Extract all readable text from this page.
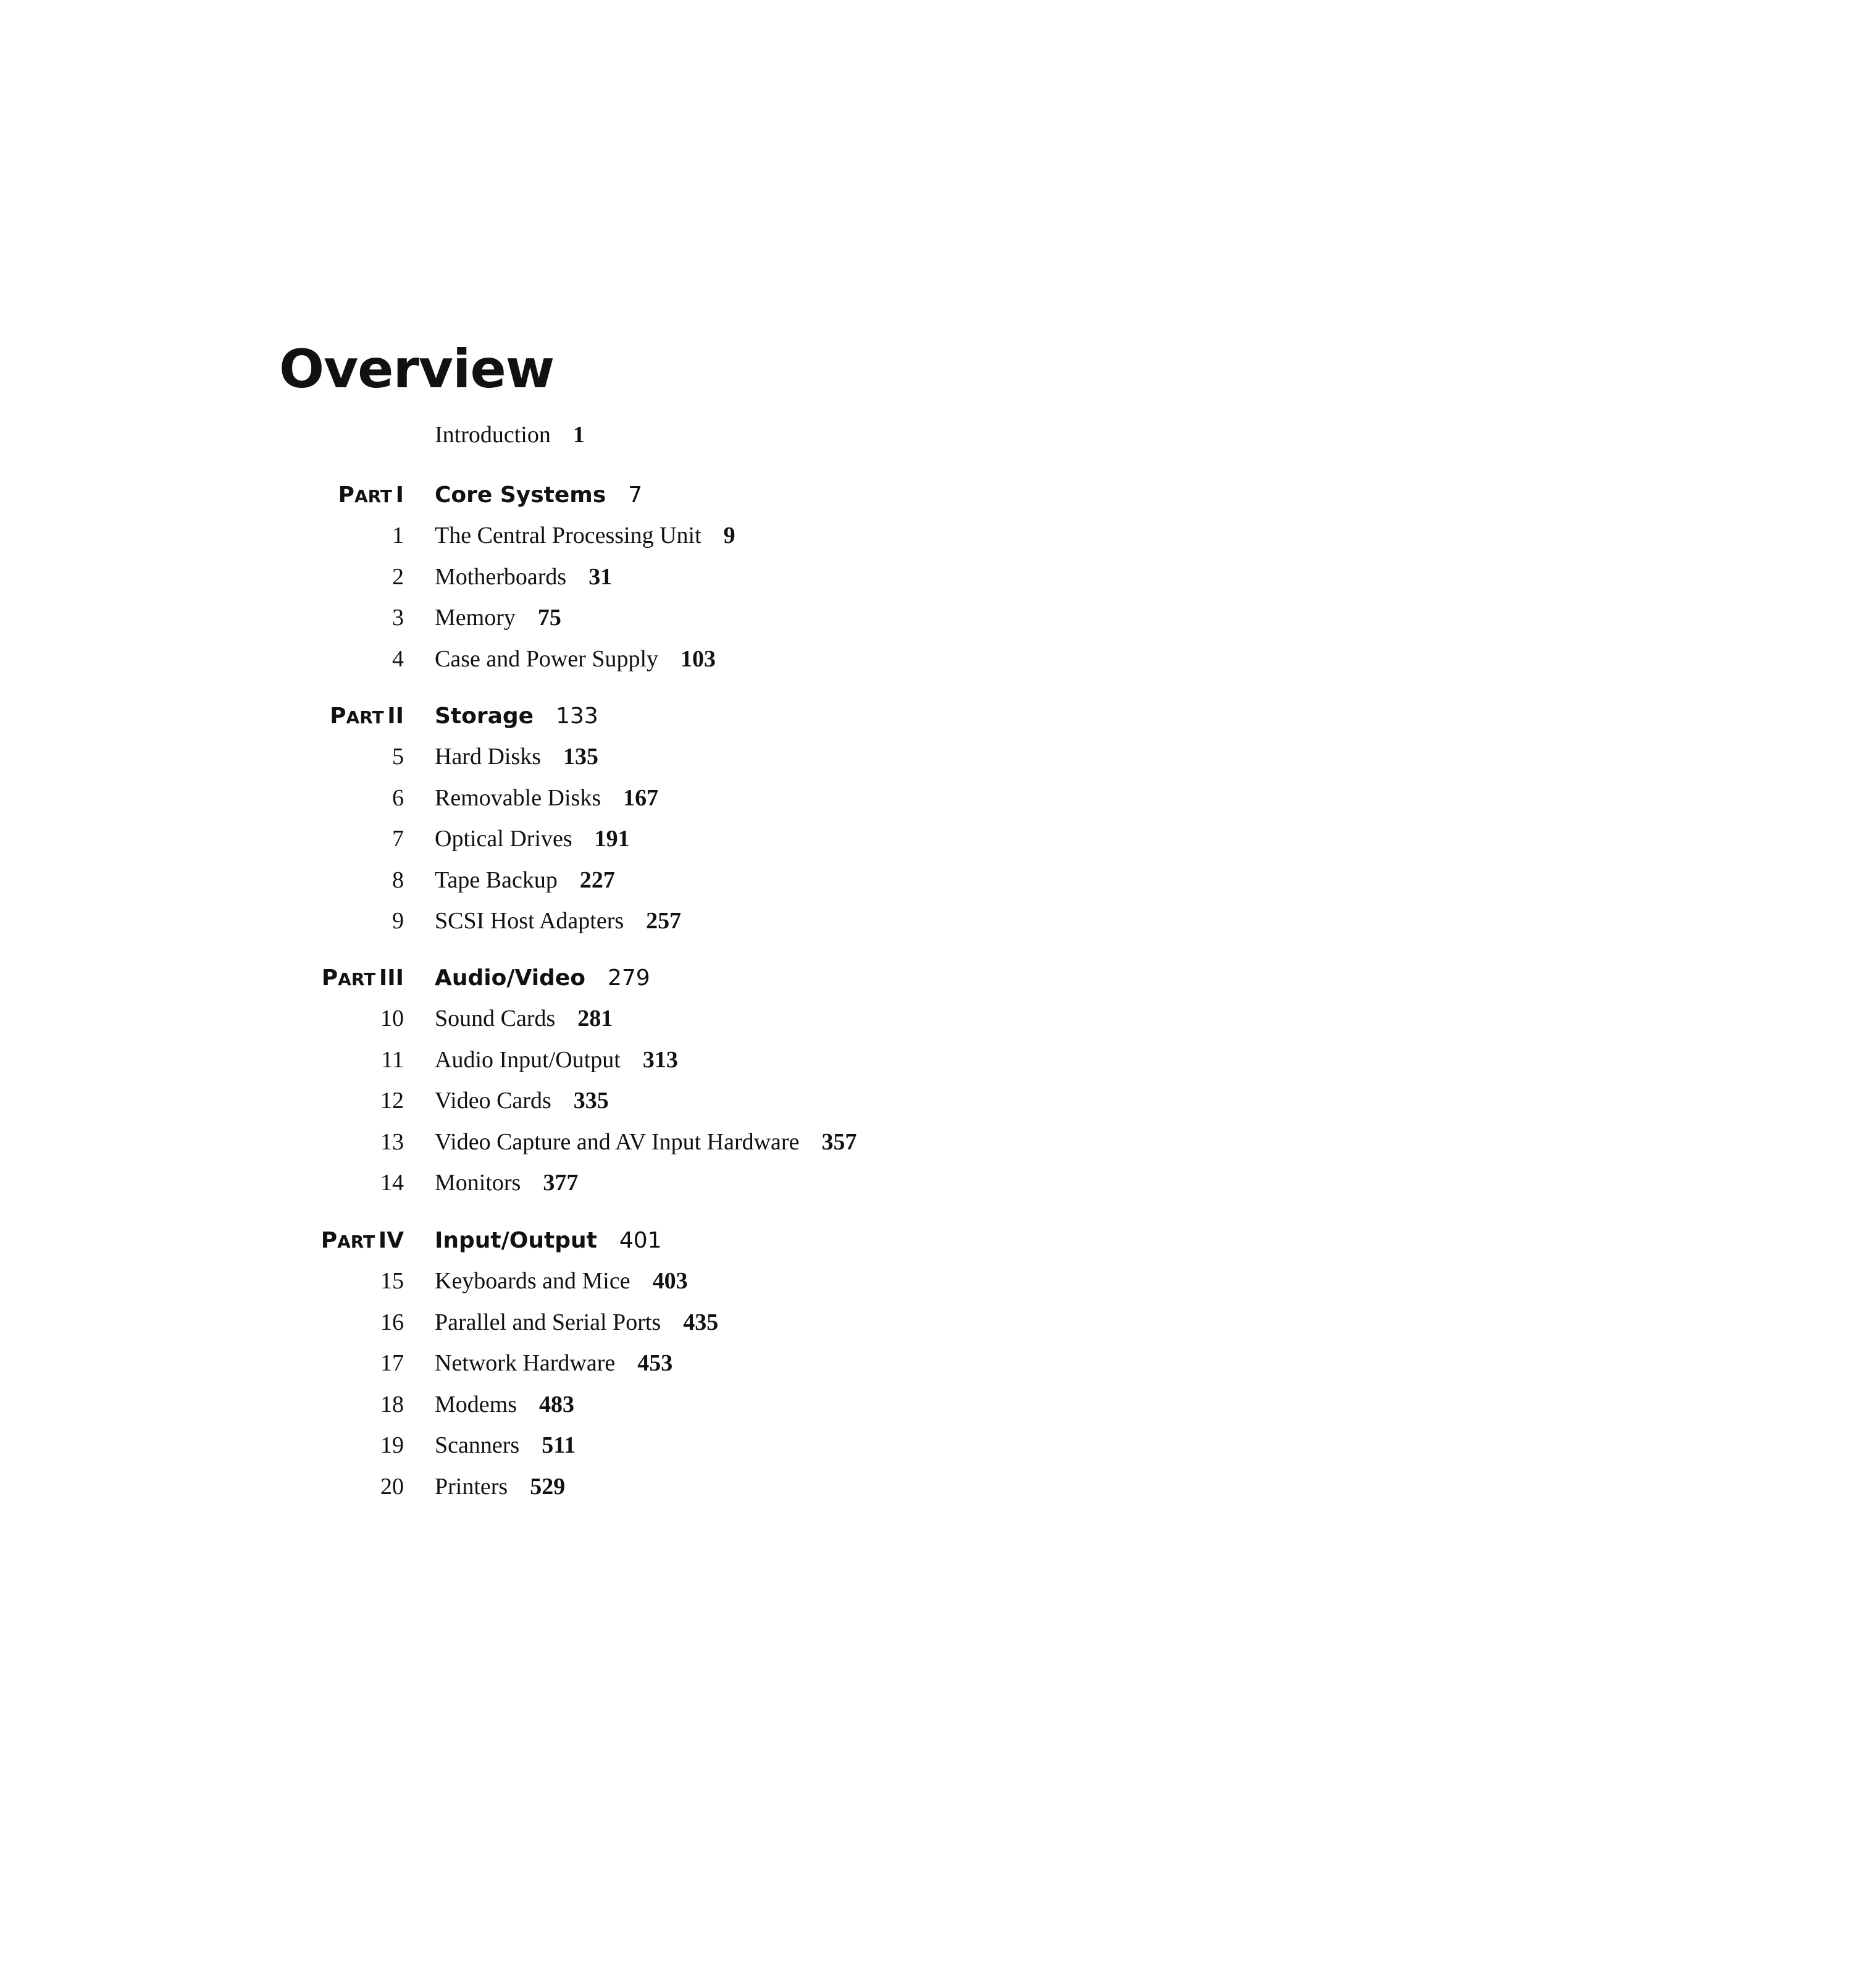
Overview
Introduction 1
PART I Core Systems 7
1 The Central Processing Unit 9
2 Motherboards 31
3 Memory 75
4 Case and Power Supply 103
PART II Storage 133
5 Hard Disks 135
6 Removable Disks 167
7 Optical Drives 191
8 Tape Backup 227
9 SCSI Host Adapters 257
PART III Audio/Video 279
10 Sound Cards 281
11 Audio Input/Output 313
12 Video Cards 335
13 Video Capture and AV Input Hardware 357
14 Monitors 377
PART IV Input/Output 401
15 Keyboards and Mice 403
16 Parallel and Serial Ports 435
17 Network Hardware 453
18 Modems 483
19 Scanners 511
20 Printers 529
